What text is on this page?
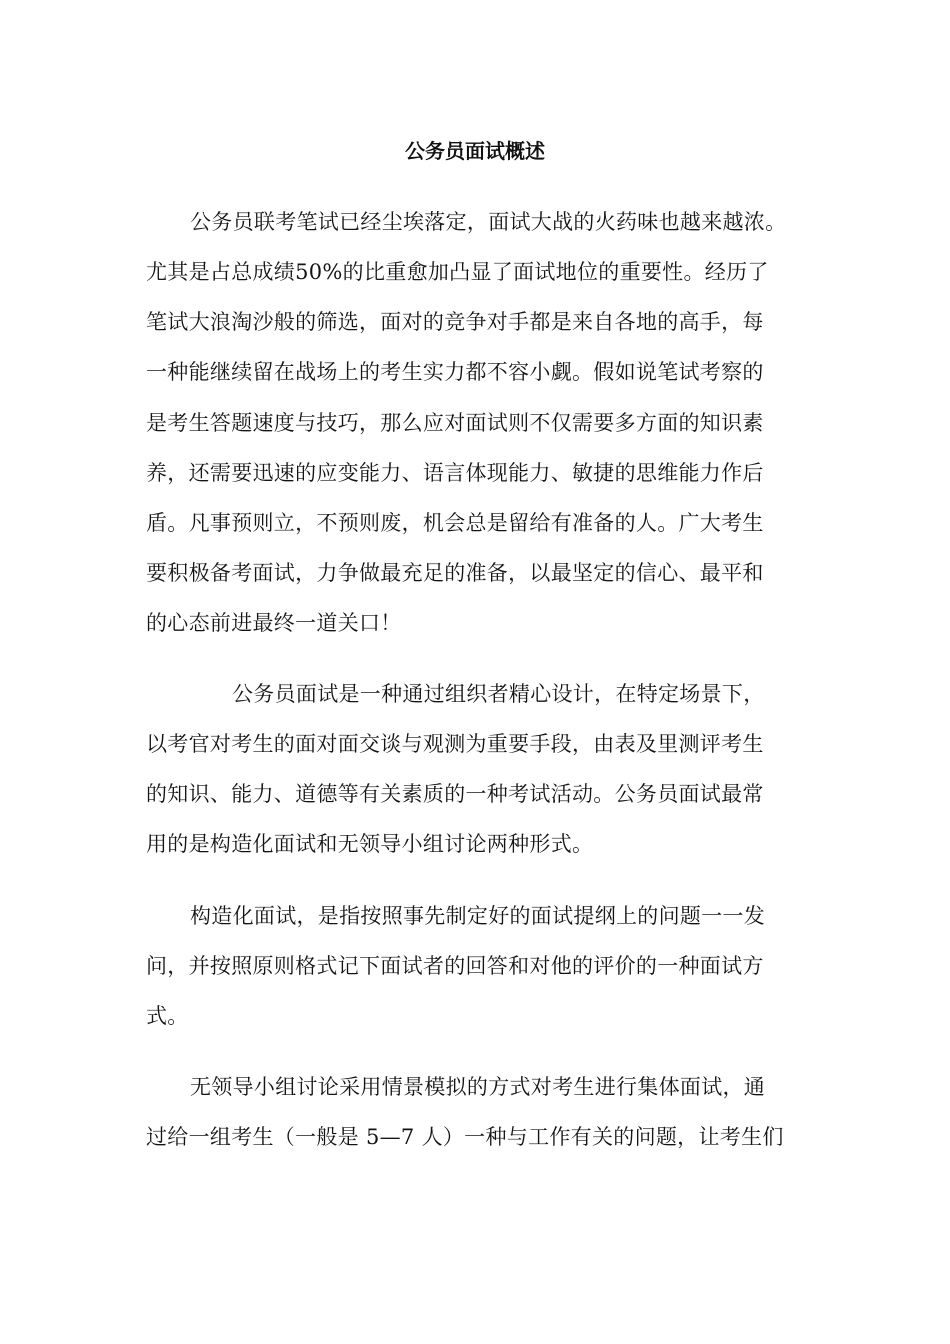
公务员面试概述
公务员联考笔试已经尘埃落定，面试大战的火药味也越来越浓。
尤其是占总成绩50%的比重愈加凸显了面试地位的重要性。经历了
笔试大浪淘沙般的筛选，面对的竞争对手都是来自各地的高手，每
一种能继续留在战场上的考生实力都不容小觑。假如说笔试考察的
是考生答题速度与技巧，那么应对面试则不仅需要多方面的知识素
养，还需要迅速的应变能力、语言体现能力、敏捷的思维能力作后
盾。凡事预则立，不预则废，机会总是留给有准备的人。广大考生
要积极备考面试，力争做最充足的准备，以最坚定的信心、最平和
的心态前进最终一道关口！
公务员面试是一种通过组织者精心设计，在特定场景下，
以考官对考生的面对面交谈与观测为重要手段，由表及里测评考生
的知识、能力、道德等有关素质的一种考试活动。公务员面试最常
用的是构造化面试和无领导小组讨论两种形式。
构造化面试，是指按照事先制定好的面试提纲上的问题一一发
问，并按照原则格式记下面试者的回答和对他的评价的一种面试方
式。
无领导小组讨论采用情景模拟的方式对考生进行集体面试，通
过给一组考生（一般是 5—7 人）一种与工作有关的问题，让考生们
